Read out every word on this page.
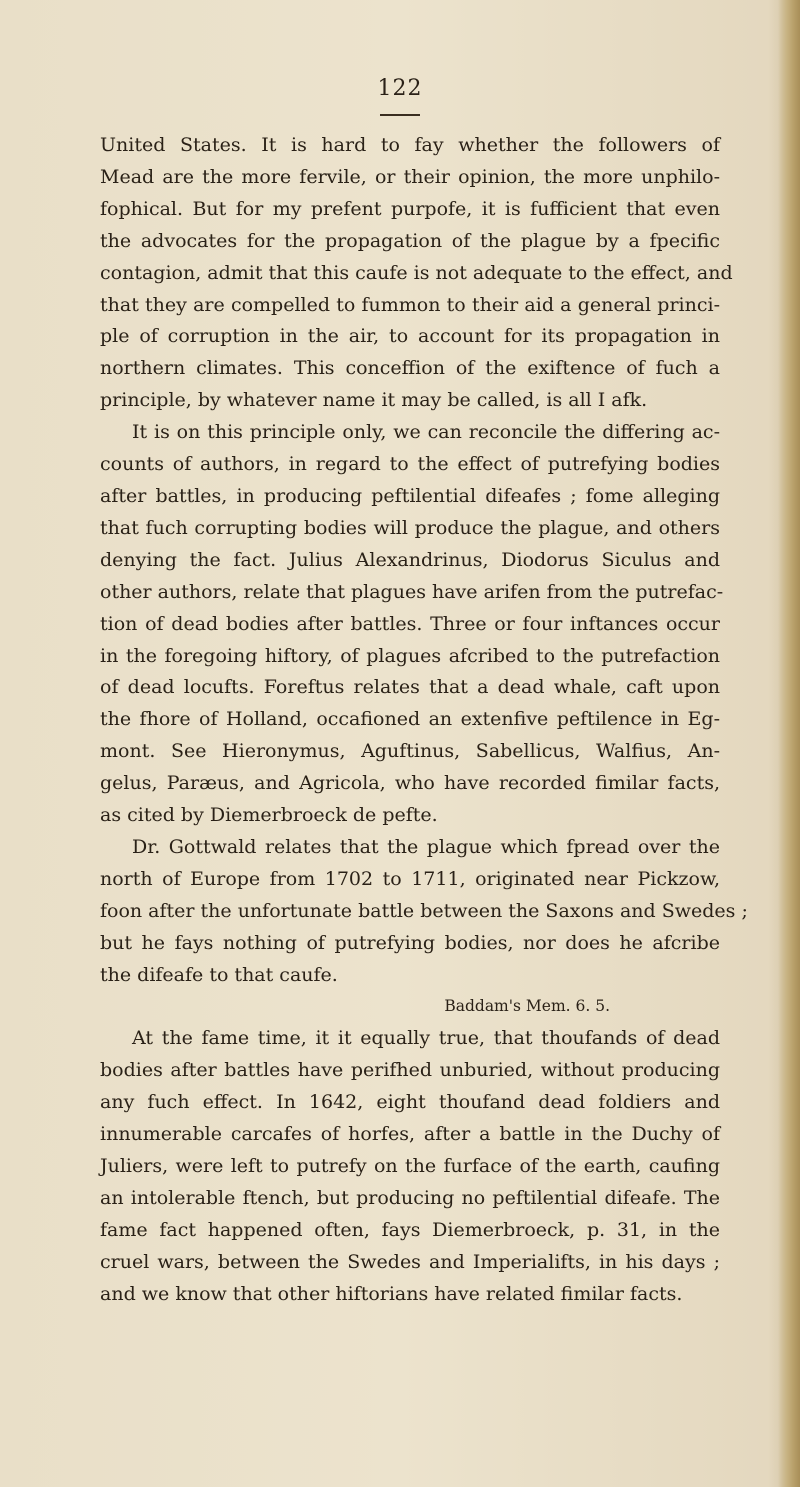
122
United States. It is hard to fay whether the followers of
Mead are the more fervile, or their opinion, the more unphilo-
fophical. But for my prefent purpofe, it is fufficient that even
the advocates for the propagation of the plague by a fpecific
contagion, admit that this caufe is not adequate to the effect, and
that they are compelled to fummon to their aid a general princi-
ple of corruption in the air, to account for its propagation in
northern climates. This conceffion of the exiftence of fuch a
principle, by whatever name it may be called, is all I afk.
It is on this principle only, we can reconcile the differing ac-
counts of authors, in regard to the effect of putrefying bodies
after battles, in producing peftilential difeafes ; fome alleging
that fuch corrupting bodies will produce the plague, and others
denying the fact. Julius Alexandrinus, Diodorus Siculus and
other authors, relate that plagues have arifen from the putrefac-
tion of dead bodies after battles. Three or four inftances occur
in the foregoing hiftory, of plagues afcribed to the putrefaction
of dead locufts. Foreftus relates that a dead whale, caft upon
the fhore of Holland, occafioned an extenfive peftilence in Eg-
mont. See Hieronymus, Aguftinus, Sabellicus, Walfius, An-
gelus, Paræus, and Agricola, who have recorded fimilar facts,
as cited by Diemerbroeck de pefte.
Dr. Gottwald relates that the plague which fpread over the
north of Europe from 1702 to 1711, originated near Pickzow,
foon after the unfortunate battle between the Saxons and Swedes ;
but he fays nothing of putrefying bodies, nor does he afcribe
the difeafe to that caufe.
Baddam's Mem. 6. 5.
At the fame time, it it equally true, that thoufands of dead
bodies after battles have perifhed unburied, without producing
any fuch effect. In 1642, eight thoufand dead foldiers and
innumerable carcafes of horfes, after a battle in the Duchy of
Juliers, were left to putrefy on the furface of the earth, caufing
an intolerable ftench, but producing no peftilential difeafe. The
fame fact happened often, fays Diemerbroeck, p. 31, in the
cruel wars, between the Swedes and Imperialifts, in his days ;
and we know that other hiftorians have related fimilar facts.
